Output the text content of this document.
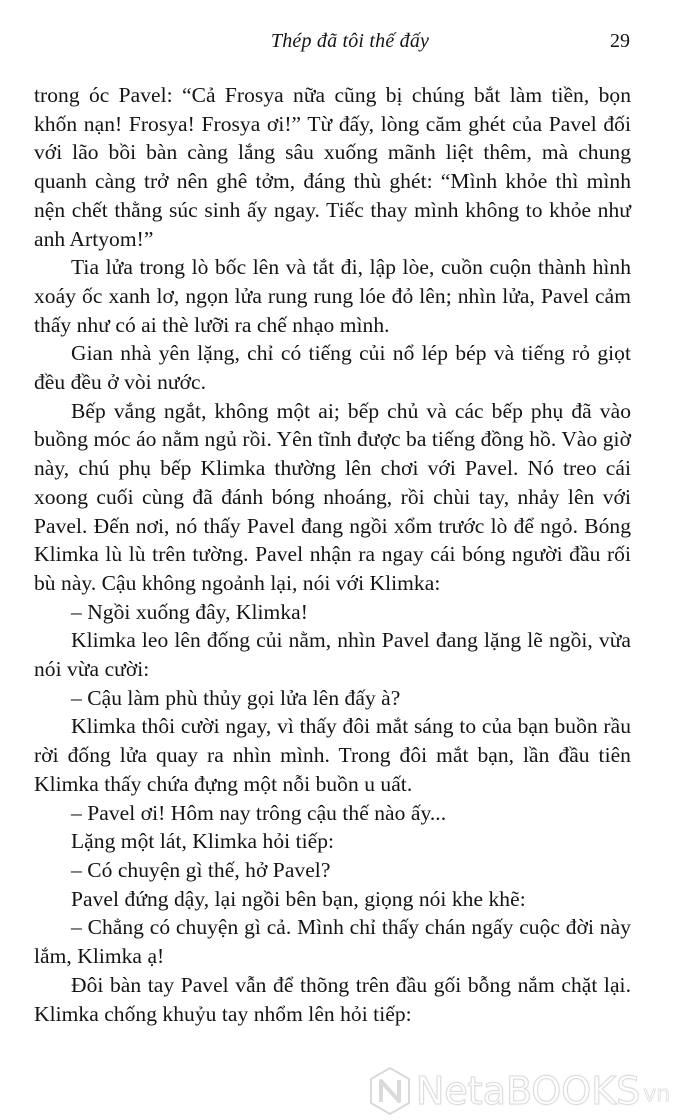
Thép đã tôi thế đấy	29

trong óc Pavel: “Cả Frosya nữa cũng bị chúng bắt làm tiền, bọn khốn nạn! Frosya! Frosya ơi!” Từ đấy, lòng căm ghét của Pavel đối với lão bồi bàn càng lắng sâu xuống mãnh liệt thêm, mà chung quanh càng trở nên ghê tởm, đáng thù ghét: “Mình khỏe thì mình nện chết thằng súc sinh ấy ngay. Tiếc thay mình không to khỏe như anh Artyom!”

Tia lửa trong lò bốc lên và tắt đi, lập lòe, cuồn cuộn thành hình xoáy ốc xanh lơ, ngọn lửa rung rung lóe đỏ lên; nhìn lửa, Pavel cảm thấy như có ai thè lưỡi ra chế nhạo mình.

Gian nhà yên lặng, chỉ có tiếng củi nổ lép bép và tiếng rỏ giọt đều đều ở vòi nước.

Bếp vắng ngắt, không một ai; bếp chủ và các bếp phụ đã vào buồng móc áo nằm ngủ rồi. Yên tĩnh được ba tiếng đồng hồ. Vào giờ này, chú phụ bếp Klimka thường lên chơi với Pavel. Nó treo cái xoong cuối cùng đã đánh bóng nhoáng, rồi chùi tay, nhảy lên với Pavel. Đến nơi, nó thấy Pavel đang ngồi xổm trước lò để ngỏ. Bóng Klimka lù lù trên tường. Pavel nhận ra ngay cái bóng người đầu rối bù này. Cậu không ngoảnh lại, nói với Klimka:

– Ngồi xuống đây, Klimka!

Klimka leo lên đống củi nằm, nhìn Pavel đang lặng lẽ ngồi, vừa nói vừa cười:

– Cậu làm phù thủy gọi lửa lên đấy à?

Klimka thôi cười ngay, vì thấy đôi mắt sáng to của bạn buồn rầu rời đống lửa quay ra nhìn mình. Trong đôi mắt bạn, lần đầu tiên Klimka thấy chứa đựng một nỗi buồn u uất.

– Pavel ơi! Hôm nay trông cậu thế nào ấy...

Lặng một lát, Klimka hỏi tiếp:

– Có chuyện gì thế, hở Pavel?

Pavel đứng dậy, lại ngồi bên bạn, giọng nói khe khẽ:

– Chẳng có chuyện gì cả. Mình chỉ thấy chán ngấy cuộc đời này lắm, Klimka ạ!

Đôi bàn tay Pavel vẫn để thõng trên đầu gối bỗng nắm chặt lại. Klimka chống khuỷu tay nhổm lên hỏi tiếp:

NetaBOOKS vn
